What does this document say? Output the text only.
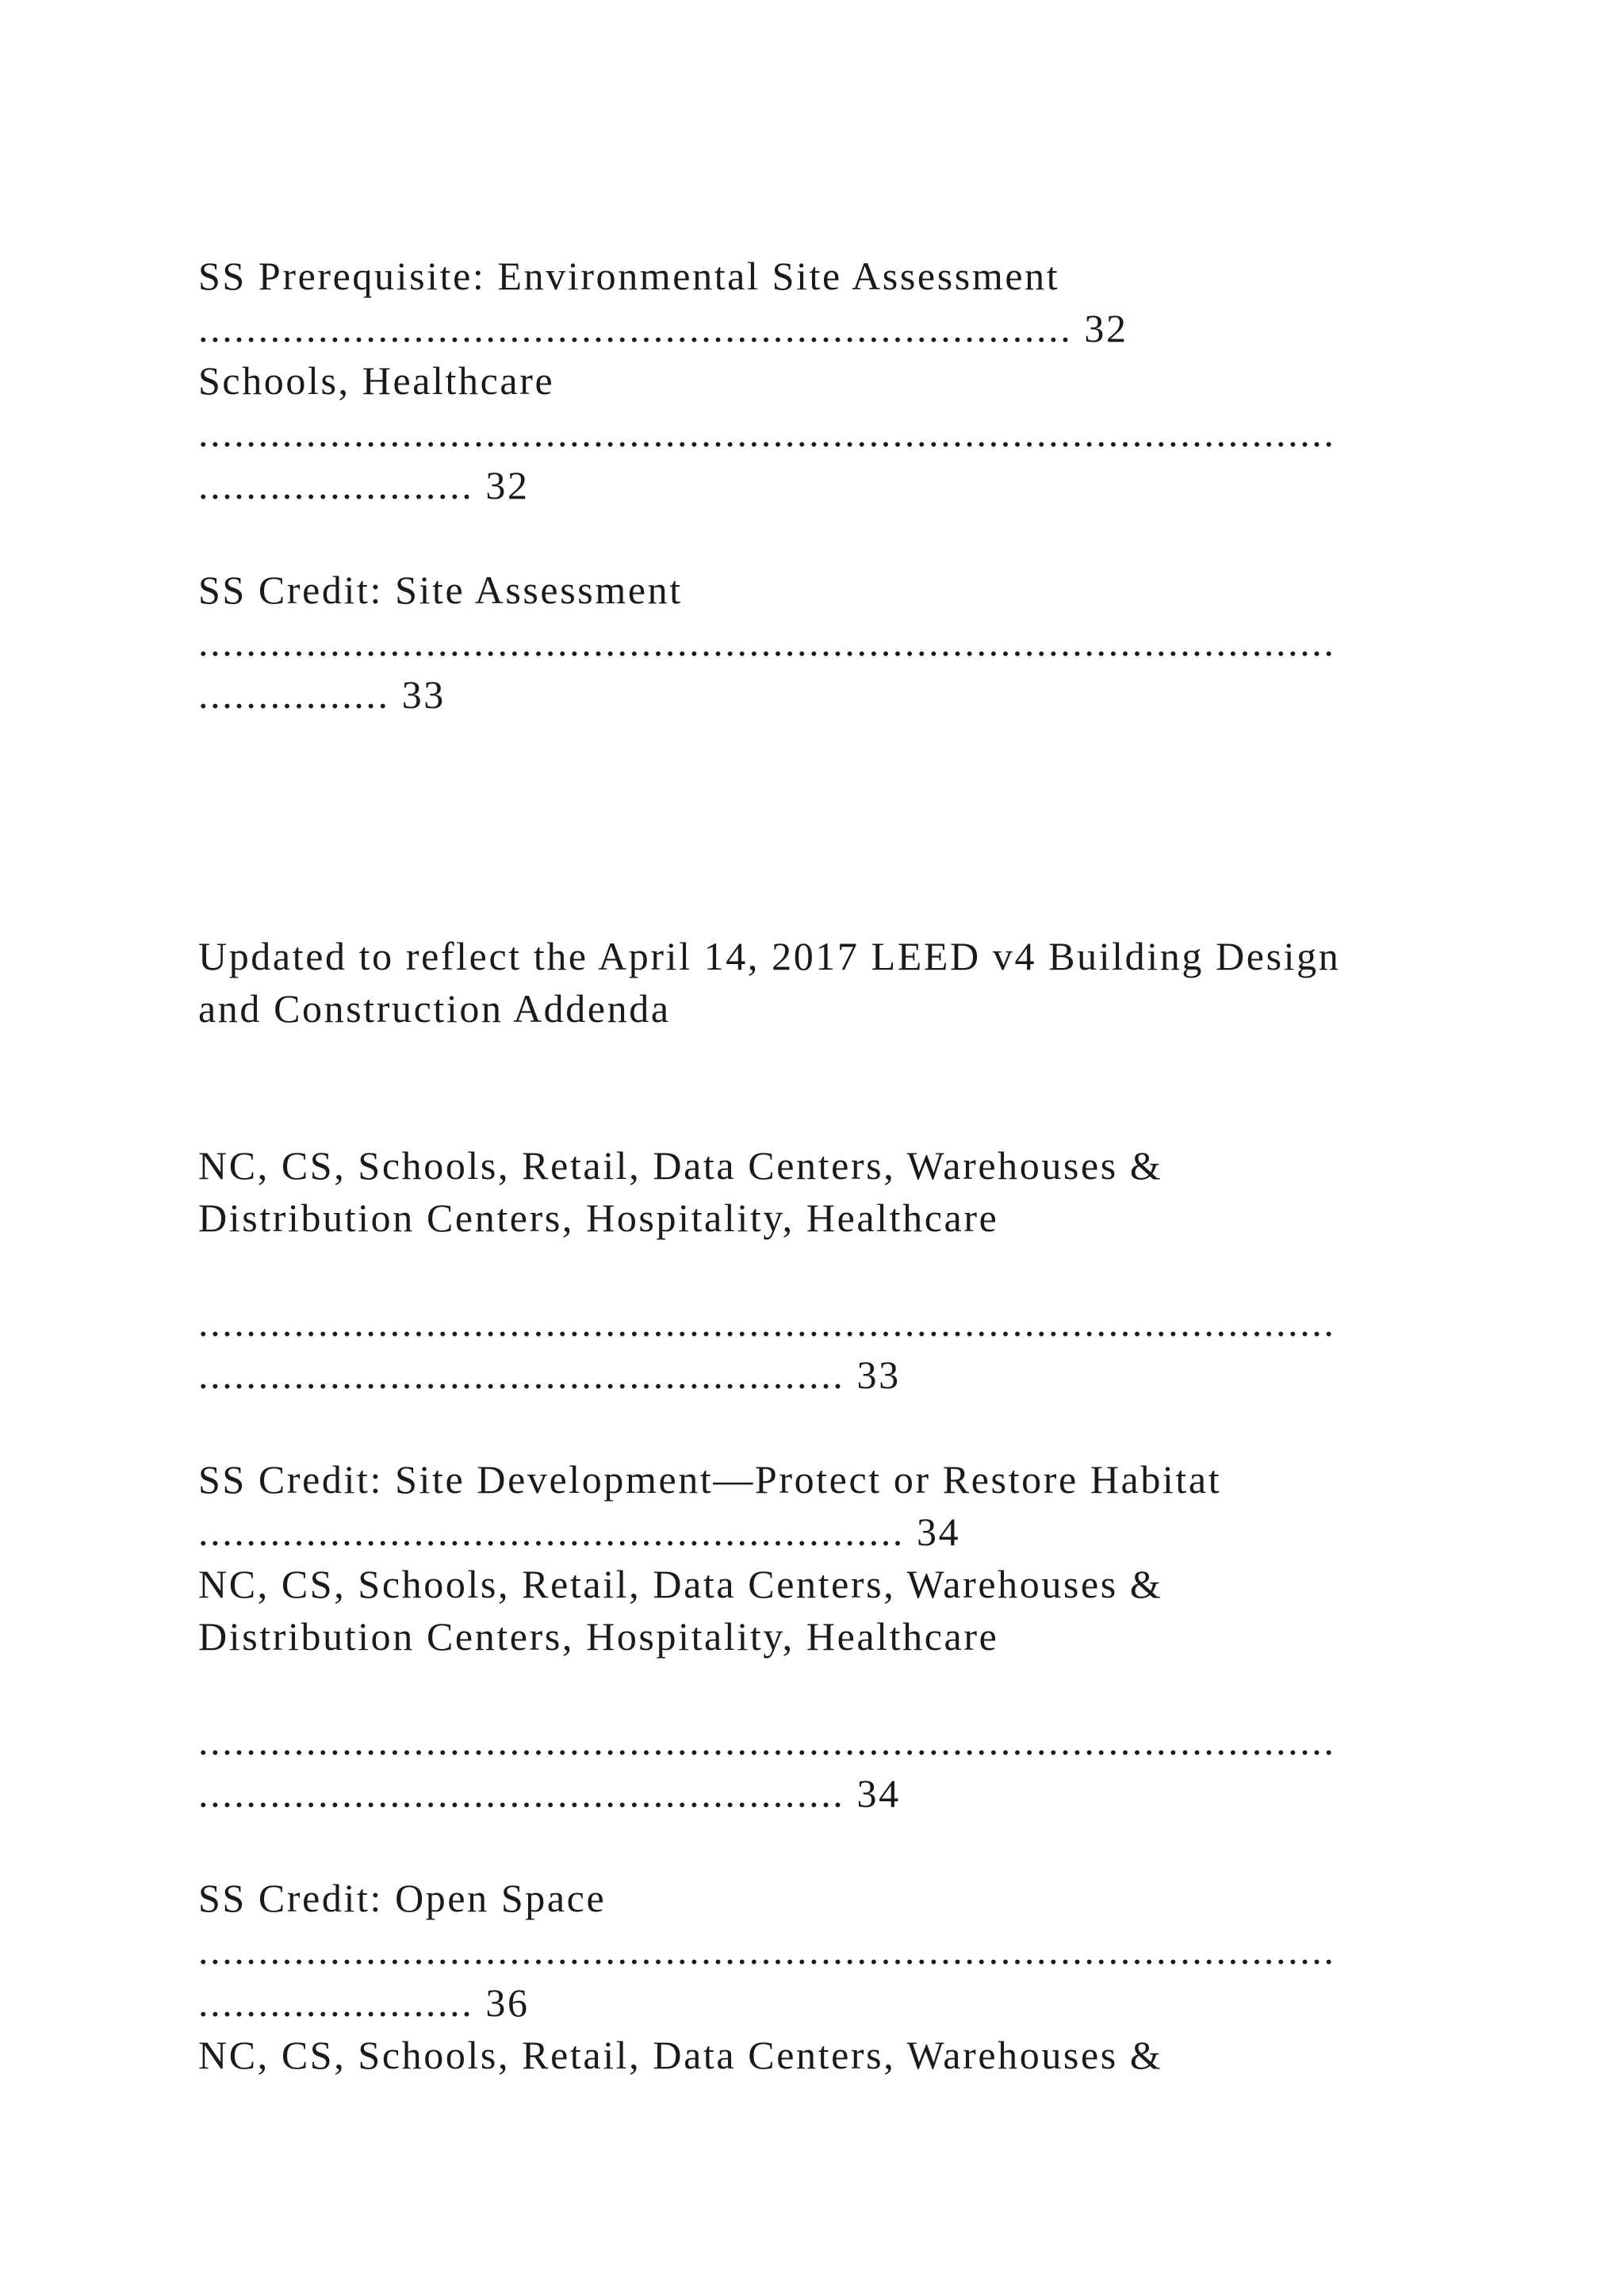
SS Prerequisite: Environmental Site Assessment

......................................................................... 32

Schools, Healthcare

...............................................................................................

....................... 32

SS Credit: Site Assessment

...............................................................................................

................ 33

Updated to reflect the April 14, 2017 LEED v4 Building Design

and Construction Addenda

NC, CS, Schools, Retail, Data Centers, Warehouses &

Distribution Centers, Hospitality, Healthcare

...............................................................................................

...................................................... 33

SS Credit: Site Development—Protect or Restore Habitat

........................................................... 34

NC, CS, Schools, Retail, Data Centers, Warehouses &

Distribution Centers, Hospitality, Healthcare

...............................................................................................

...................................................... 34

SS Credit: Open Space

...............................................................................................

....................... 36

NC, CS, Schools, Retail, Data Centers, Warehouses &
